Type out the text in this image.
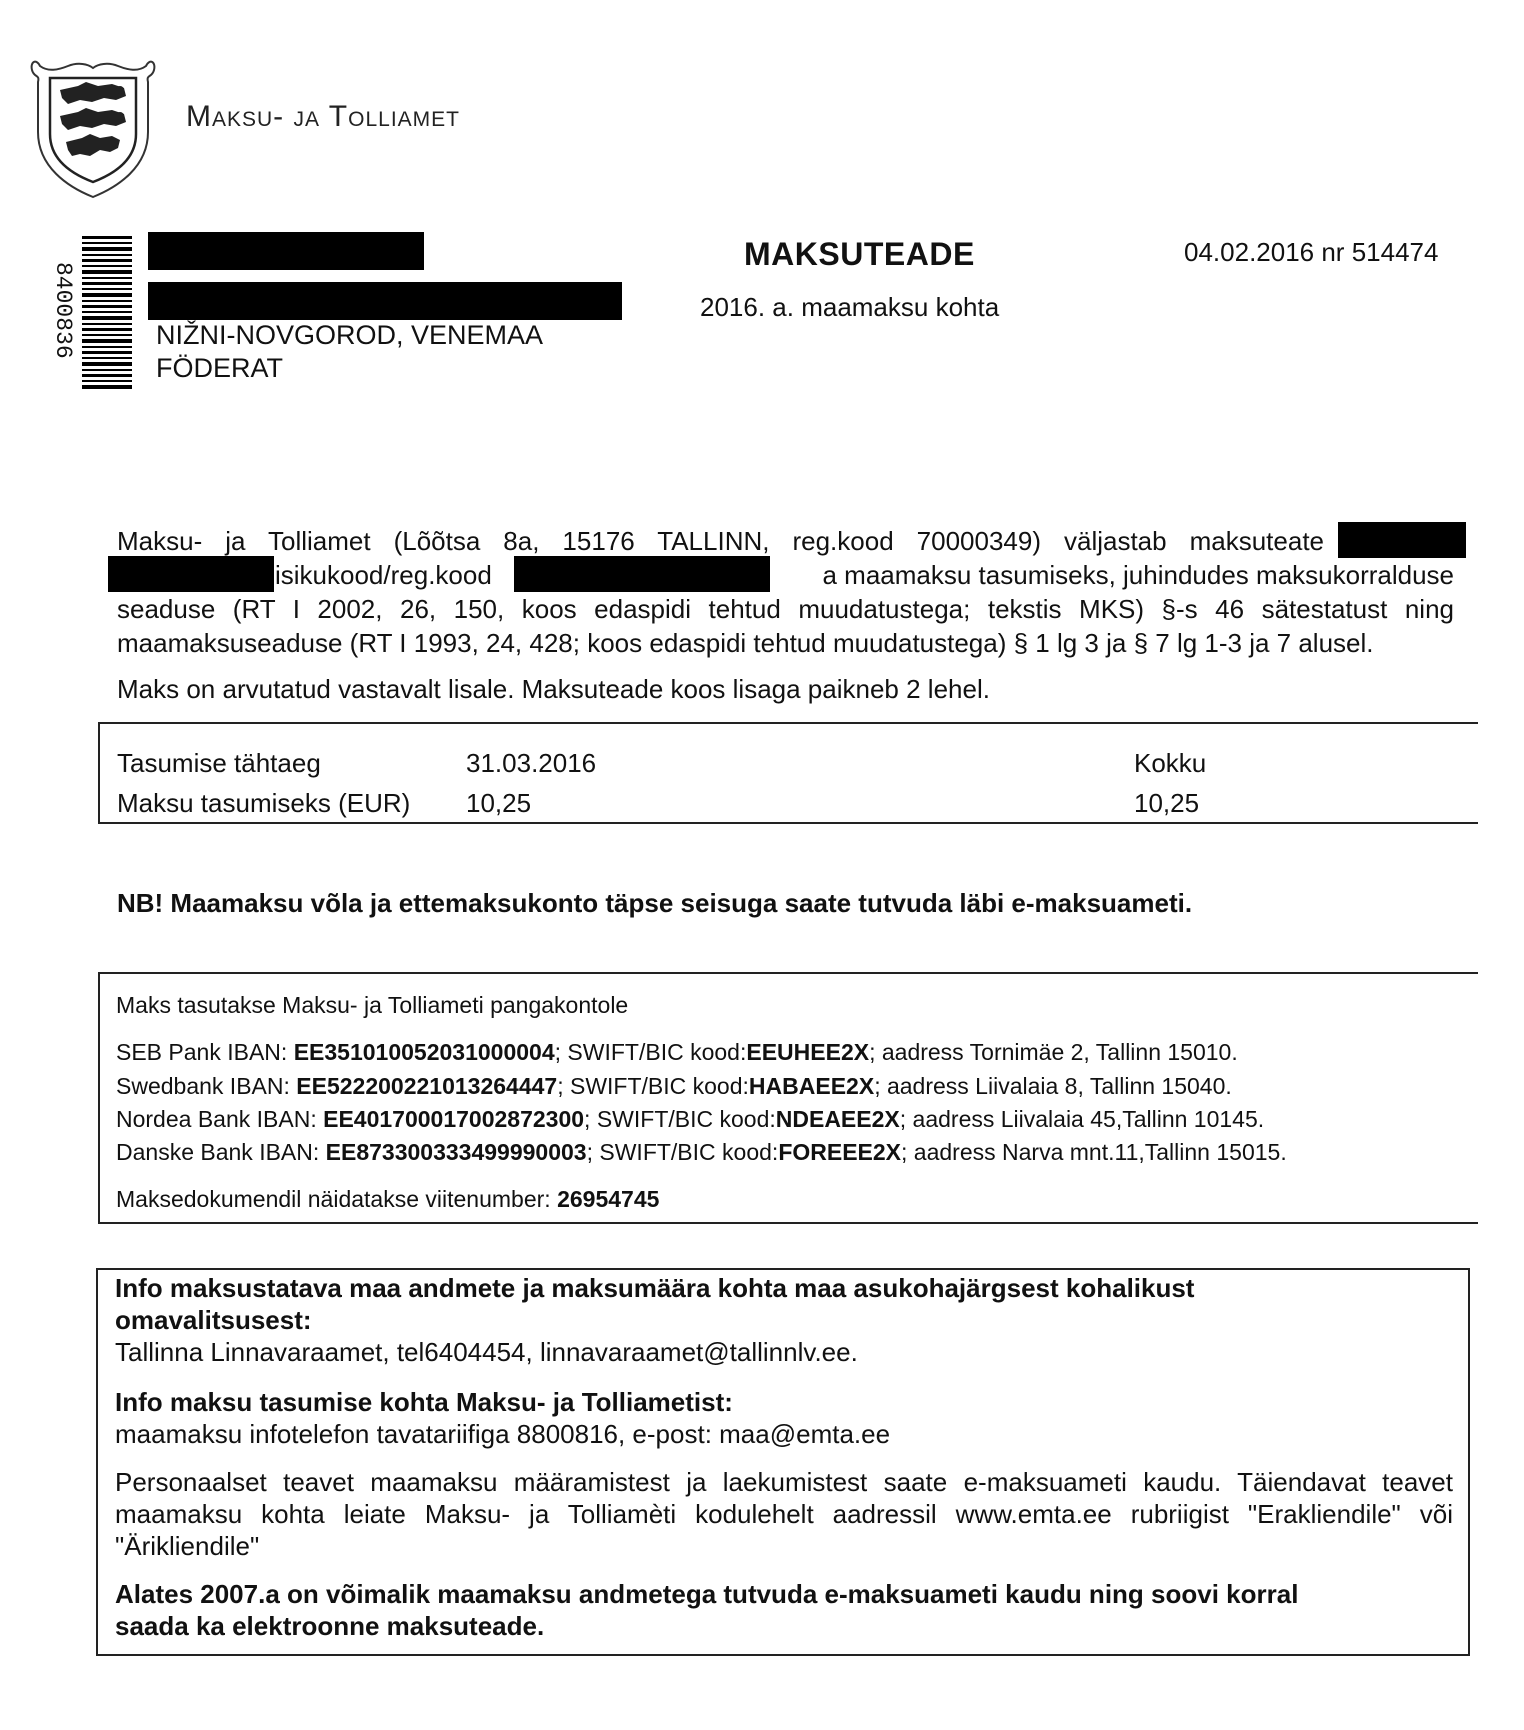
Maksu- ja Tolliamet
8400836	NIŽNI-NOVGOROD, VENEMAA
FÖDERAT
MAKSUTEADE
2016. a. maamaksu kohta
04.02.2016 nr 514474
Maksu- ja Tolliamet (Lõõtsa 8a, 15176 TALLINN, reg.kood 70000349) väljastab maksuteate
isikukood/reg.kood	a maamaksu tasumiseks, juhindudes maksukorralduse
seaduse (RT I 2002, 26, 150, koos edaspidi tehtud muudatustega; tekstis MKS) §-s 46 sätestatust ning
maamaksuseaduse (RT I 1993, 24, 428; koos edaspidi tehtud muudatustega) § 1 lg 3 ja § 7 lg 1-3 ja 7 alusel.
Maks on arvutatud vastavalt lisale. Maksuteade koos lisaga paikneb 2 lehel.
Tasumise tähtaeg	31.03.2016	Kokku
Maksu tasumiseks (EUR) 10,25	10,25
NB! Maamaksu võla ja ettemaksukonto täpse seisuga saate tutvuda läbi e-maksuameti.
Maks tasutakse Maksu- ja Tolliameti pangakontole
SEB Pank IBAN: EE351010052031000004; SWIFT/BIC kood:EEUHEE2X; aadress Tornimäe 2, Tallinn 15010.
Swedbank IBAN: EE522200221013264447; SWIFT/BIC kood:HABAEE2X; aadress Liivalaia 8, Tallinn 15040.
Nordea Bank IBAN: EE401700017002872300; SWIFT/BIC kood:NDEAEE2X; aadress Liivalaia 45,Tallinn 10145.
Danske Bank IBAN: EE873300333499990003; SWIFT/BIC kood:FOREEE2X; aadress Narva mnt.11,Tallinn 15015.
Maksedokumendil näidatakse viitenumber: 26954745
Info maksustatava maa andmete ja maksumäära kohta maa asukohajärgsest kohalikust
omavalitsusest:
Tallinna Linnavaraamet, tel6404454, linnavaraamet@tallinnlv.ee.
Info maksu tasumise kohta Maksu- ja Tolliametist:
maamaksu infotelefon tavatariifiga 8800816, e-post: maa@emta.ee
Personaalset teavet maamaksu määramistest ja laekumistest saate e-maksuameti kaudu. Täiendavat teavet
maamaksu kohta leiate Maksu- ja Tolliamèti kodulehelt aadressil www.emta.ee rubriigist "Erakliendile" või
"Ärikliendile"
Alates 2007.a on võimalik maamaksu andmetega tutvuda e-maksuameti kaudu ning soovi korral
saada ka elektroonne maksuteade.
